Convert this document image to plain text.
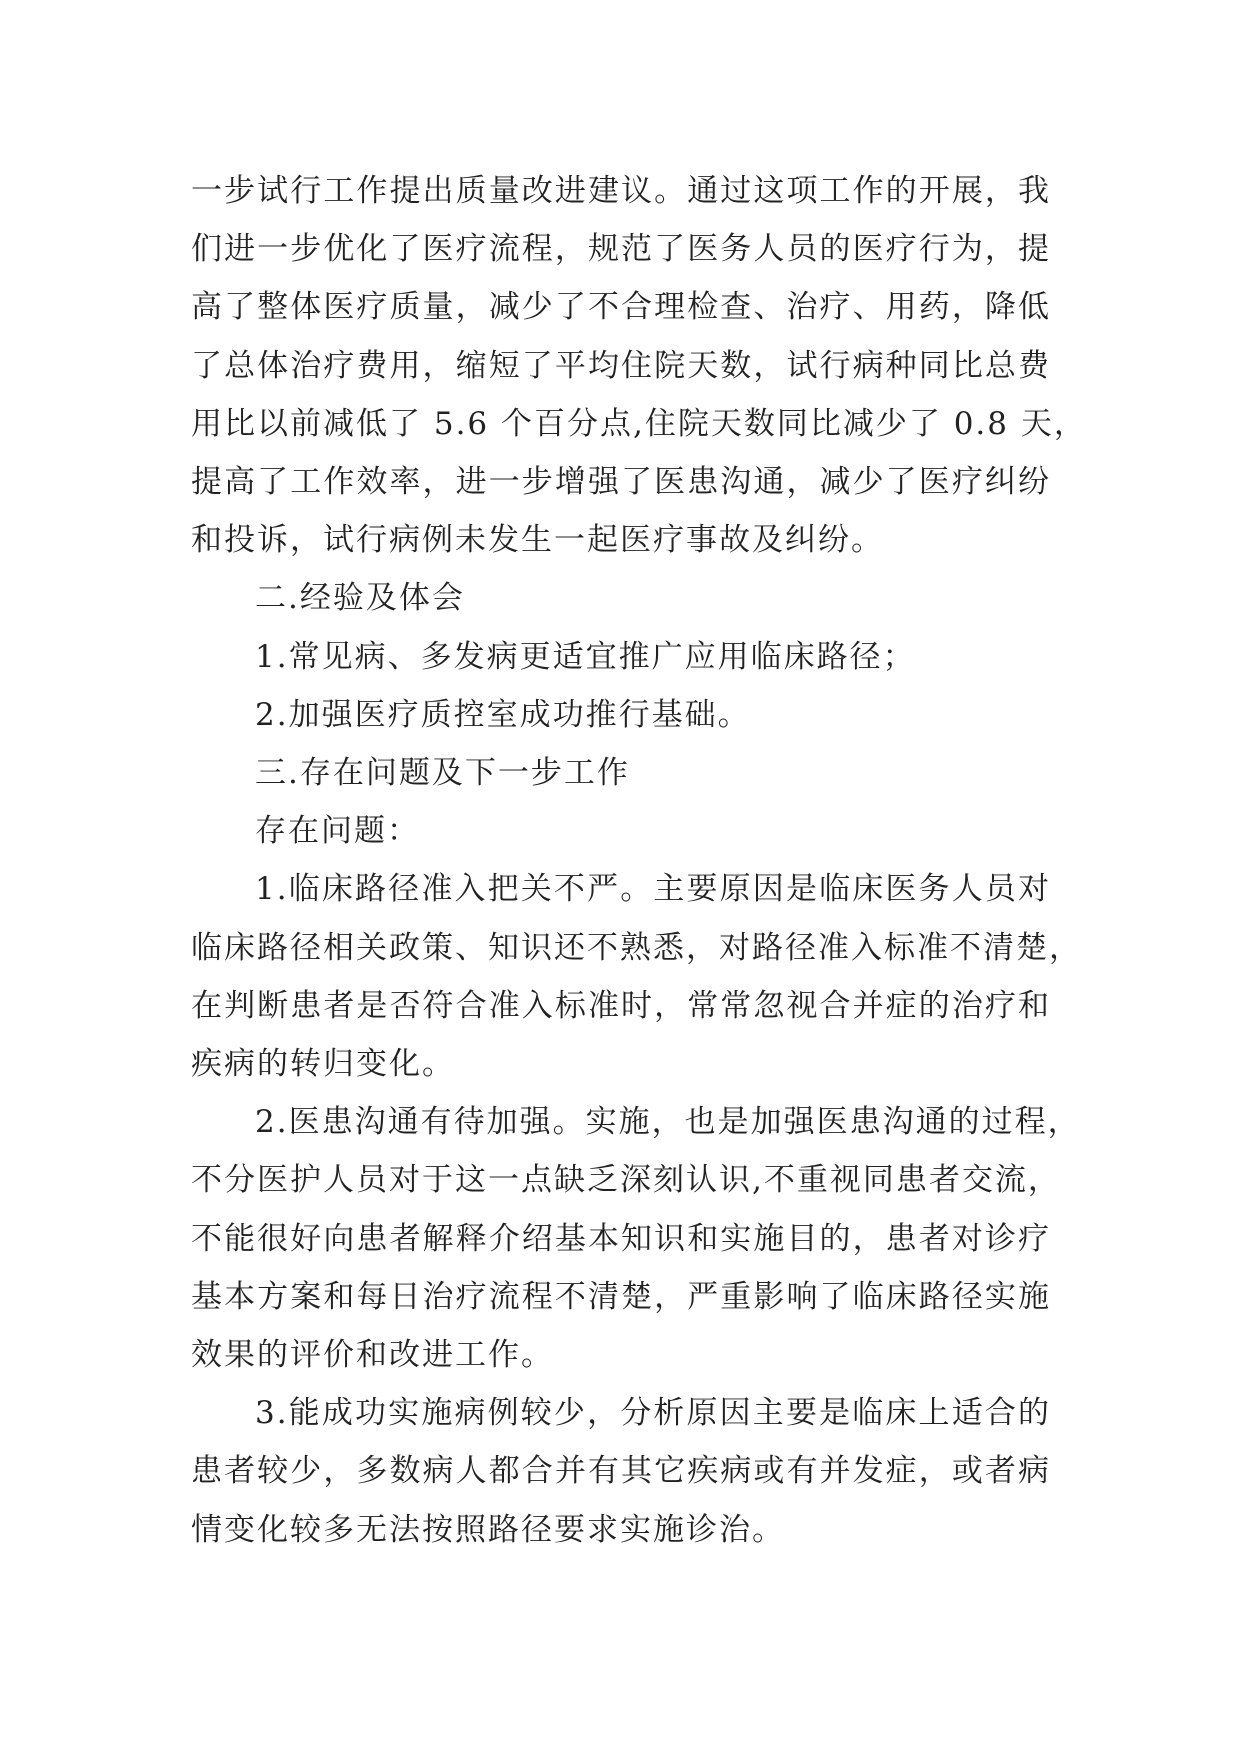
一步试行工作提出质量改进建议。通过这项工作的开展，我
们进一步优化了医疗流程，规范了医务人员的医疗行为，提
高了整体医疗质量，减少了不合理检查、治疗、用药，降低
了总体治疗费用，缩短了平均住院天数，试行病种同比总费
用比以前减低了 5.6 个百分点,住院天数同比减少了 0.8 天，
提高了工作效率，进一步增强了医患沟通，减少了医疗纠纷
和投诉，试行病例未发生一起医疗事故及纠纷。
二.经验及体会
1.常见病、多发病更适宜推广应用临床路径；
2.加强医疗质控室成功推行基础。
三.存在问题及下一步工作
存在问题：
1.临床路径准入把关不严。主要原因是临床医务人员对
临床路径相关政策、知识还不熟悉，对路径准入标准不清楚，
在判断患者是否符合准入标准时，常常忽视合并症的治疗和
疾病的转归变化。
2.医患沟通有待加强。实施，也是加强医患沟通的过程，
不分医护人员对于这一点缺乏深刻认识,不重视同患者交流，
不能很好向患者解释介绍基本知识和实施目的，患者对诊疗
基本方案和每日治疗流程不清楚，严重影响了临床路径实施
效果的评价和改进工作。
3.能成功实施病例较少，分析原因主要是临床上适合的
患者较少，多数病人都合并有其它疾病或有并发症，或者病
情变化较多无法按照路径要求实施诊治。
